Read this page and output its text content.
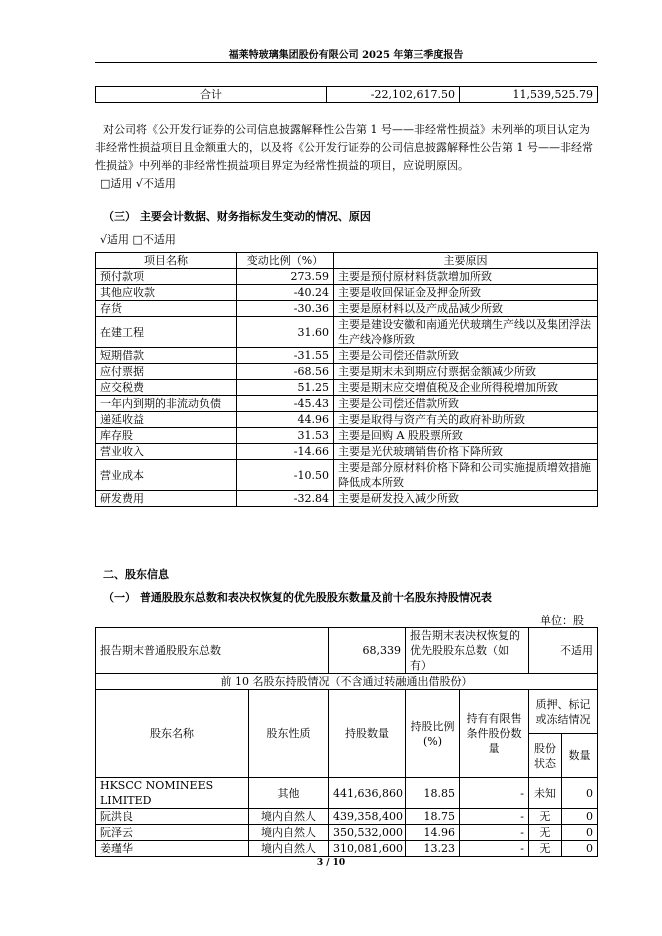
福莱特玻璃集团股份有限公司 2025 年第三季度报告
合计	-22,102,617.50	11,539,525.79
对公司将《公开发行证券的公司信息披露解释性公告第 1 号——非经常性损益》未列举的项目认定为非经常性损益项目且金额重大的，以及将《公开发行证券的公司信息披露解释性公告第 1 号——非经常性损益》中列举的非经常性损益项目界定为经常性损益的项目，应说明原因。
□适用 √不适用
（三） 主要会计数据、财务指标发生变动的情况、原因
√适用 □不适用
项目名称	变动比例（%）	主要原因
预付款项	273.59	主要是预付原材料货款增加所致
其他应收款	-40.24	主要是收回保证金及押金所致
存货	-30.36	主要是原材料以及产成品减少所致
在建工程	31.60	主要是建设安徽和南通光伏玻璃生产线以及集团浮法生产线冷修所致
短期借款	-31.55	主要是公司偿还借款所致
应付票据	-68.56	主要是期末未到期应付票据金额减少所致
应交税费	51.25	主要是期末应交增值税及企业所得税增加所致
一年内到期的非流动负债	-45.43	主要是公司偿还借款所致
递延收益	44.96	主要是取得与资产有关的政府补助所致
库存股	31.53	主要是回购 A 股股票所致
营业收入	-14.66	主要是光伏玻璃销售价格下降所致
营业成本	-10.50	主要是部分原材料价格下降和公司实施提质增效措施降低成本所致
研发费用	-32.84	主要是研发投入减少所致
二、股东信息
（一） 普通股股东总数和表决权恢复的优先股股东数量及前十名股东持股情况表
单位：股
报告期末普通股股东总数		68,339	报告期末表决权恢复的优先股股东总数（如有）		不适用	
前 10 名股东持股情况（不含通过转融通出借股份）						
股东名称	股东性质	持股数量	持股比例(%)	持有有限售条件股份数量	质押、标记或冻结情况	
					股份状态	数量
HKSCC NOMINEES LIMITED	其他	441,636,860	18.85	-	未知	0
阮洪良	境内自然人	439,358,400	18.75	-	无	0
阮泽云	境内自然人	350,532,000	14.96	-	无	0
姜瑾华	境内自然人	310,081,600	13.23	-	无	0
3 / 10
